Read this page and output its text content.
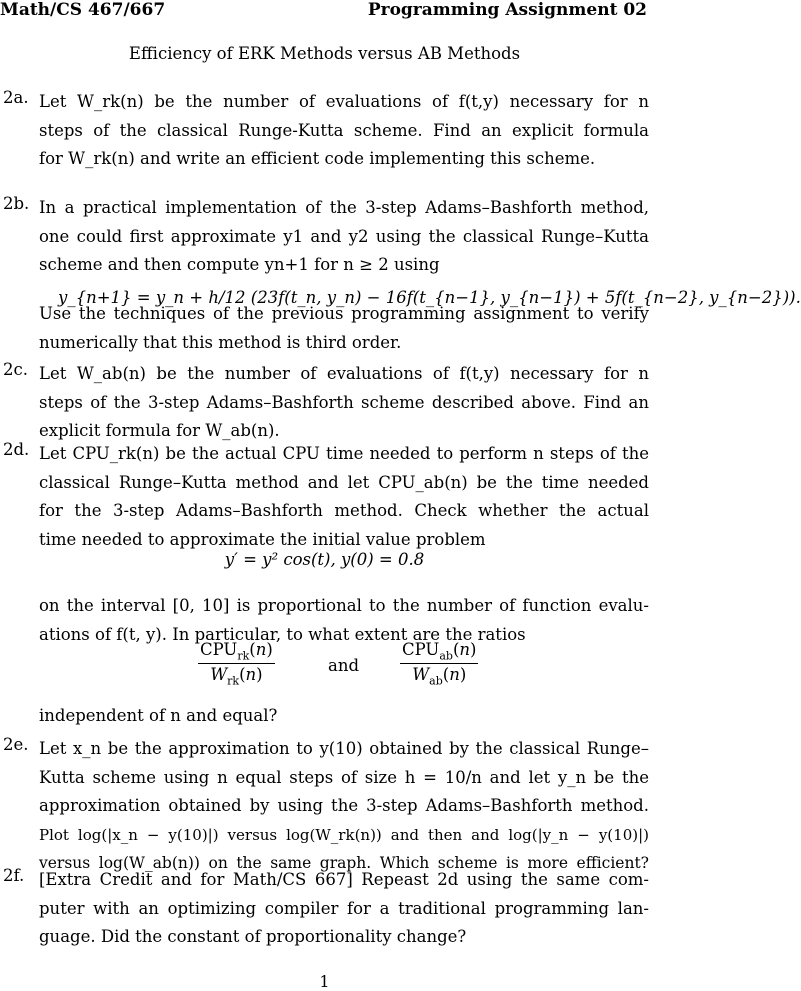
Math/CS 467/667	Programming Assignment 02
Efficiency of ERK Methods versus AB Methods
2a. Let W_rk(n) be the number of evaluations of f(t,y) necessary for n
steps of the classical Runge-Kutta scheme. Find an explicit formula
for W_rk(n) and write an efficient code implementing this scheme.
2b. In a practical implementation of the 3-step Adams–Bashforth method,
one could first approximate y1 and y2 using the classical Runge–Kutta
scheme and then compute yn+1 for n ≥ 2 using
y_{n+1} = y_n + h/12 (23f(t_n, y_n) − 16f(t_{n−1}, y_{n−1}) + 5f(t_{n−2}, y_{n−2})).
Use the techniques of the previous programming assignment to verify
numerically that this method is third order.
2c. Let W_ab(n) be the number of evaluations of f(t,y) necessary for n
steps of the 3-step Adams–Bashforth scheme described above. Find an
explicit formula for W_ab(n).
2d. Let CPU_rk(n) be the actual CPU time needed to perform n steps of the
classical Runge–Kutta method and let CPU_ab(n) be the time needed
for the 3-step Adams–Bashforth method. Check whether the actual
time needed to approximate the initial value problem
y′ = y² cos(t), y(0) = 0.8
on the interval [0, 10] is proportional to the number of function evalu-
ations of f(t, y). In particular, to what extent are the ratios
$CPU_{rk}(n)$
$W_{rk}(n)$	and
$CPU_{ab}(n)$
$W_{ab}(n)$
independent of n and equal?
2e. Let x_n be the approximation to y(10) obtained by the classical Runge–
Kutta scheme using n equal steps of size h = 10/n and let y_n be the
approximation obtained by using the 3-step Adams–Bashforth method.
Plot log(|x_n − y(10)|) versus log(W_rk(n)) and then and log(|y_n − y(10)|)
versus log(W_ab(n)) on the same graph. Which scheme is more efficient?
2f. [Extra Credit and for Math/CS 667] Repeast 2d using the same com-
puter with an optimizing compiler for a traditional programming lan-
guage. Did the constant of proportionality change?
1
